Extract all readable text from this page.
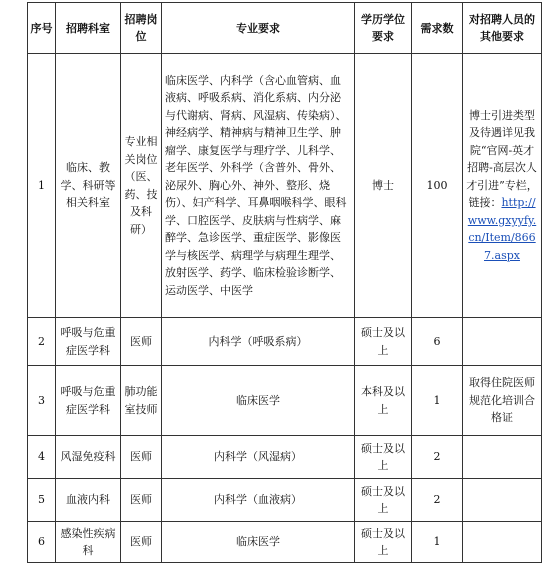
序号	招聘科室	招聘岗位	专业要求	学历学位要求	需求数	对招聘人员的其他要求
1	临床、教学、科研等相关科室	专业相关岗位（医、药、技及科研）	临床医学、内科学（含心血管病、血液病、呼吸系病、消化系病、内分泌与代谢病、肾病、风湿病、传染病）、神经病学、精神病与精神卫生学、肿瘤学、康复医学与理疗学、儿科学、老年医学、外科学（含普外、骨外、泌尿外、胸心外、神外、整形、烧伤）、妇产科学、耳鼻咽喉科学、眼科学、口腔医学、皮肤病与性病学、麻醉学、急诊医学、重症医学、影像医学与核医学、病理学与病理生理学、放射医学、药学、临床检验诊断学、运动医学、中医学	博士	100	博士引进类型及待遇详见我院“官网-英才招聘-高层次人才引进”专栏，链接：http://www.gxyyfy.cn/Item/8667.aspx
2	呼吸与危重症医学科	医师	内科学（呼吸系病）	硕士及以上	6	
3	呼吸与危重症医学科	肺功能室技师	临床医学	本科及以上	1	取得住院医师规范化培训合格证
4	风湿免疫科	医师	内科学（风湿病）	硕士及以上	2	
5	血液内科	医师	内科学（血液病）	硕士及以上	2	
6	感染性疾病科	医师	临床医学	硕士及以上	1	
